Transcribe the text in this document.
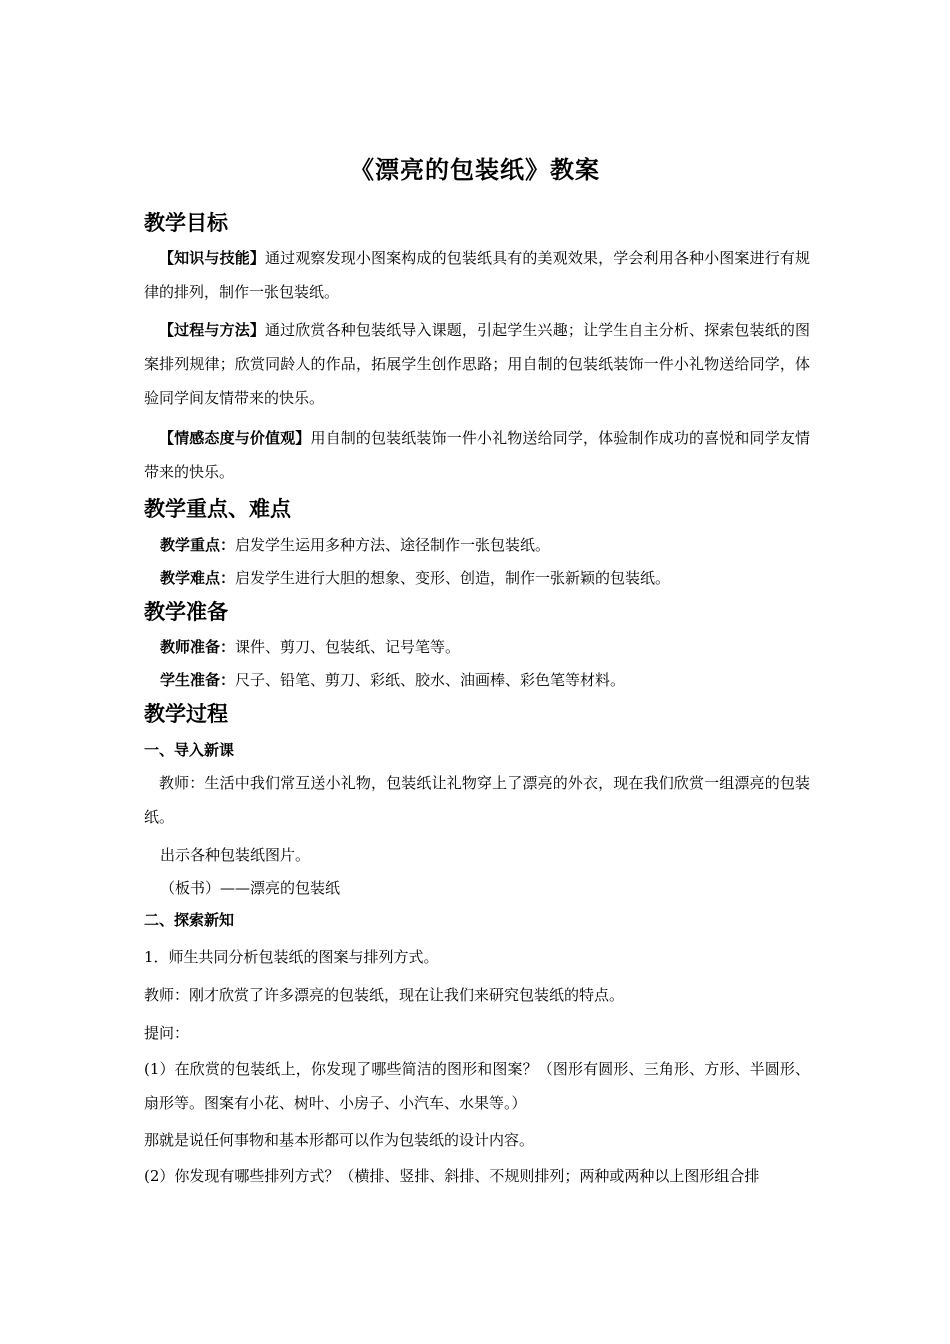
《漂亮的包装纸》教案
教学目标
【知识与技能】通过观察发现小图案构成的包装纸具有的美观效果，学会利用各种小图案进行有规律的排列，制作一张包装纸。
【过程与方法】通过欣赏各种包装纸导入课题，引起学生兴趣；让学生自主分析、探索包装纸的图案排列规律；欣赏同龄人的作品，拓展学生创作思路；用自制的包装纸装饰一件小礼物送给同学，体验同学间友情带来的快乐。
【情感态度与价值观】用自制的包装纸装饰一件小礼物送给同学，体验制作成功的喜悦和同学友情带来的快乐。
教学重点、难点
教学重点：启发学生运用多种方法、途径制作一张包装纸。
教学难点：启发学生进行大胆的想象、变形、创造，制作一张新颖的包装纸。
教学准备
教师准备：课件、剪刀、包装纸、记号笔等。
学生准备：尺子、铅笔、剪刀、彩纸、胶水、油画棒、彩色笔等材料。
教学过程
一、导入新课
教师：生活中我们常互送小礼物，包装纸让礼物穿上了漂亮的外衣，现在我们欣赏一组漂亮的包装纸。
出示各种包装纸图片。
（板书）——漂亮的包装纸
二、探索新知
1．师生共同分析包装纸的图案与排列方式。
教师：刚才欣赏了许多漂亮的包装纸，现在让我们来研究包装纸的特点。
提问：
(1）在欣赏的包装纸上，你发现了哪些简洁的图形和图案？（图形有圆形、三角形、方形、半圆形、扇形等。图案有小花、树叶、小房子、小汽车、水果等。）
那就是说任何事物和基本形都可以作为包装纸的设计内容。
(2）你发现有哪些排列方式？（横排、竖排、斜排、不规则排列；两种或两种以上图形组合排
